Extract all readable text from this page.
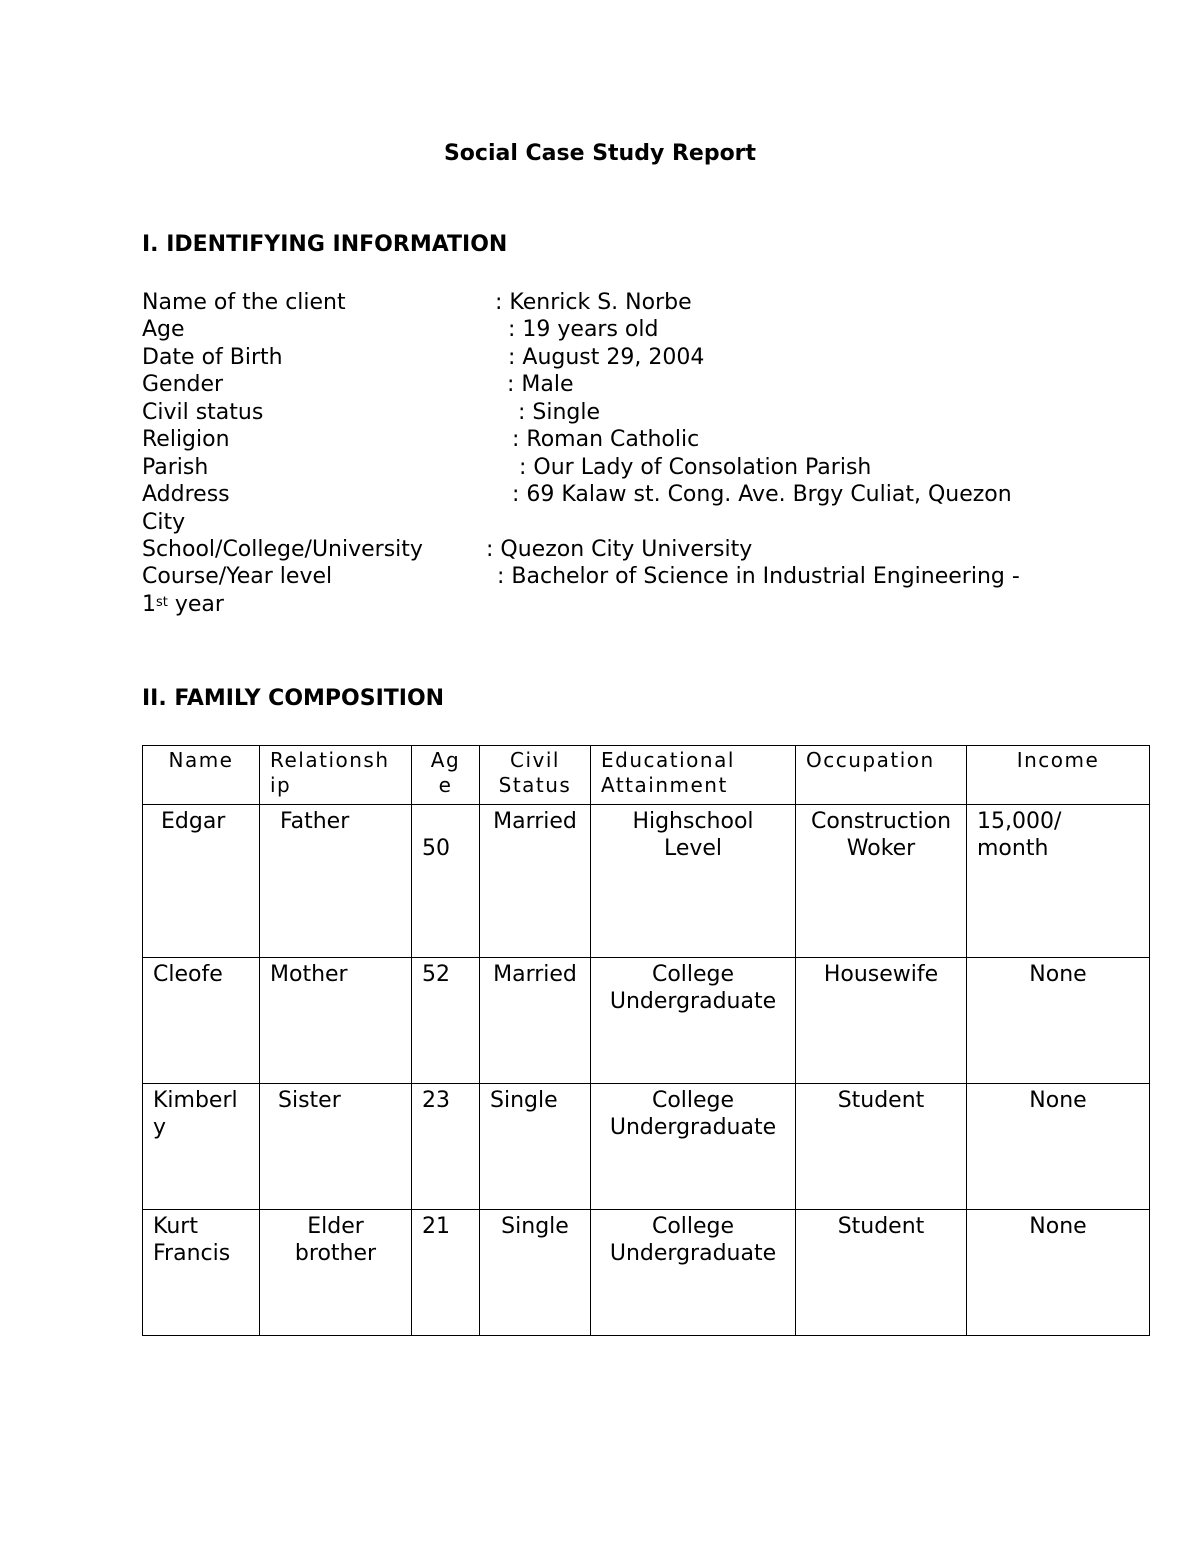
Social Case Study Report
I. IDENTIFYING INFORMATION
Name of the client	: Kenrick S. Norbe
Age	: 19 years old
Date of Birth	: August 29, 2004
Gender	: Male
Civil status	: Single
Religion	: Roman Catholic
Parish	: Our Lady of Consolation Parish
Address	: 69 Kalaw st. Cong. Ave. Brgy Culiat, Quezon
City
School/College/University	: Quezon City University
Course/Year level	: Bachelor of Science in Industrial Engineering -
1st year
II. FAMILY COMPOSITION
Name	Relationsh ip	Ag e	Civil Status	Educational Attainment	Occupation	Income
Edgar	Father	50	Married	Highschool Level	Construction Woker	15,000/ month
Cleofe	Mother	52	Married	College Undergraduate	Housewife	None
Kimberl y	Sister	23	Single	College Undergraduate	Student	None
Kurt Francis	Elder brother	21	Single	College Undergraduate	Student	None
